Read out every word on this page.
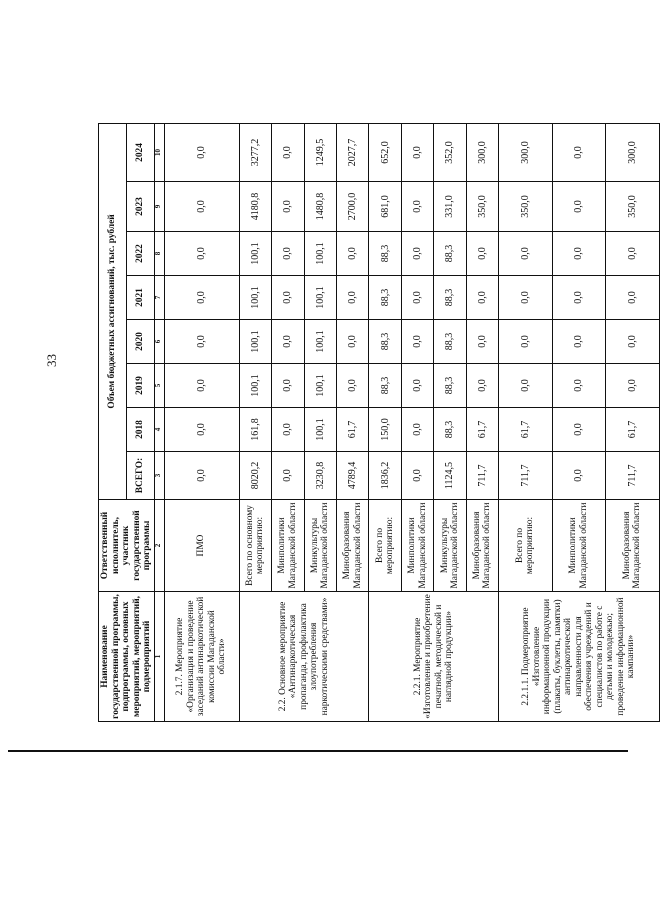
33
Наименование государственной программы, подпрограммы, основных мероприятий, мероприятий, подмероприятий	Ответственный исполнитель, участник государственной программы	Объем бюджетных ассигнований, тыс. рублей							
		ВСЕГО:	2018	2019	2020	2021	2022	2023	2024
1	2	3	4	5	6	7	8	9	10
2.1.7. Мероприятие «Организация и проведение заседаний антинаркотической комиссии Магаданской области»	ПМО	0,0	0,0	0,0	0,0	0,0	0,0	0,0	0,0
2.2. Основное мероприятие «Антинаркотическая пропаганда, профилактика злоупотребления наркотическими средствами»	Всего по основному мероприятию:	8020,2	161,8	100,1	100,1	100,1	100,1	4180,8	3277,2
	Минполитики Магаданской области	0,0	0,0	0,0	0,0	0,0	0,0	0,0	0,0
	Минкультуры Магаданской области	3230,8	100,1	100,1	100,1	100,1	100,1	1480,8	1249,5
	Минобразования Магаданской области	4789,4	61,7	0,0	0,0	0,0	0,0	2700,0	2027,7
2.2.1. Мероприятие «Изготовление и приобретение печатной, методической и наглядной продукции»	Всего по мероприятию:	1836,2	150,0	88,3	88,3	88,3	88,3	681,0	652,0
	Минполитики Магаданской области	0,0	0,0	0,0	0,0	0,0	0,0	0,0	0,0
	Минкультуры Магаданской области	1124,5	88,3	88,3	88,3	88,3	88,3	331,0	352,0
	Минобразования Магаданской области	711,7	61,7	0,0	0,0	0,0	0,0	350,0	300,0
2.2.1.1. Подмероприятие «Изготовление информационной продукции (плакаты, буклеты, памятки) антинаркотической направленности для обеспечения учреждений и специалистов по работе с детьми и молодежью; проведение информационной кампании»	Всего по мероприятию:	711,7	61,7	0,0	0,0	0,0	0,0	350,0	300,0
	Минполитики Магаданской области	0,0	0,0	0,0	0,0	0,0	0,0	0,0	0,0
	Минобразования Магаданской области	711,7	61,7	0,0	0,0	0,0	0,0	350,0	300,0
